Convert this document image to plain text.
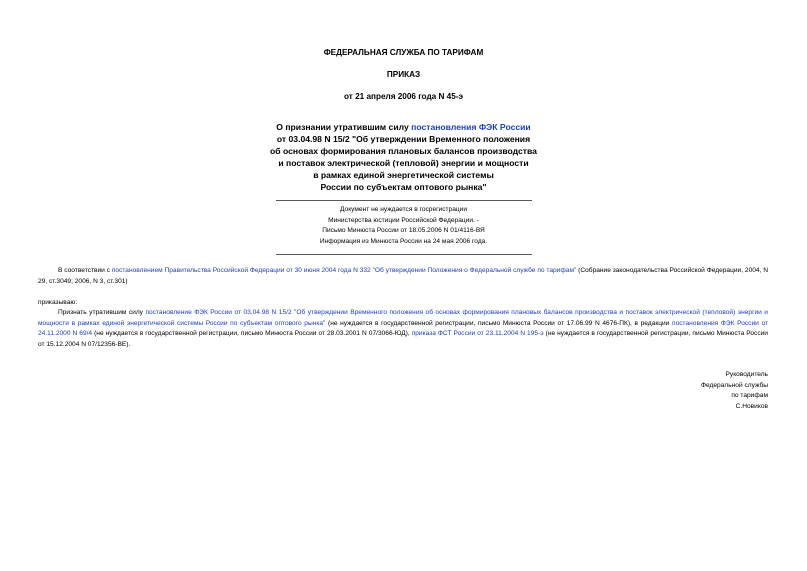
ФЕДЕРАЛЬНАЯ СЛУЖБА ПО ТАРИФАМ
ПРИКАЗ
от 21 апреля 2006 года N 45-э
О признании утратившим силу постановления ФЭК России
от 03.04.98 N 15/2 "Об утверждении Временного положения
об основах формирования плановых балансов производства
и поставок электрической (тепловой) энергии и мощности
в рамках единой энергетической системы
России по субъектам оптового рынка"
Документ не нуждается в госрегистрации
Министерства юстиции Российской Федерации. -
Письмо Минюста России от 18.05.2006 N 01/4116-ВЯ
Информация из Минюста России на 24 мая 2006 года.
В соответствии с постановлением Правительства Российской Федерации от 30 июня 2004 года N 332 "Об утверждении Положения о Федеральной службе по тарифам" (Собрание законодательства Российской Федерации, 2004, N 29, ст.3049; 2006, N 3, ст.301)
приказываю:
Признать утратившим силу постановление ФЭК России от 03.04.98 N 15/2 "Об утверждении Временного положения об основах формирования плановых балансов производства и поставок электрической (тепловой) энергии и мощности в рамках единой энергетической системы России по субъектам оптового рынка" (не нуждается в государственной регистрации, письмо Минюста России от 17.06.99 N 4676-ПК), в редакции постановления ФЭК России от 24.11.2000 N 69/4 (не нуждается в государственной регистрации, письмо Минюста России от 28.03.2001 N 07/3066-ЮД), приказа ФСТ России от 23.11.2004 N 195-э (не нуждается в государственной регистрации, письмо Минюста России от 15.12.2004 N 07/12356-ВЕ).
Руководитель
Федеральной службы
по тарифам
С.Новиков
